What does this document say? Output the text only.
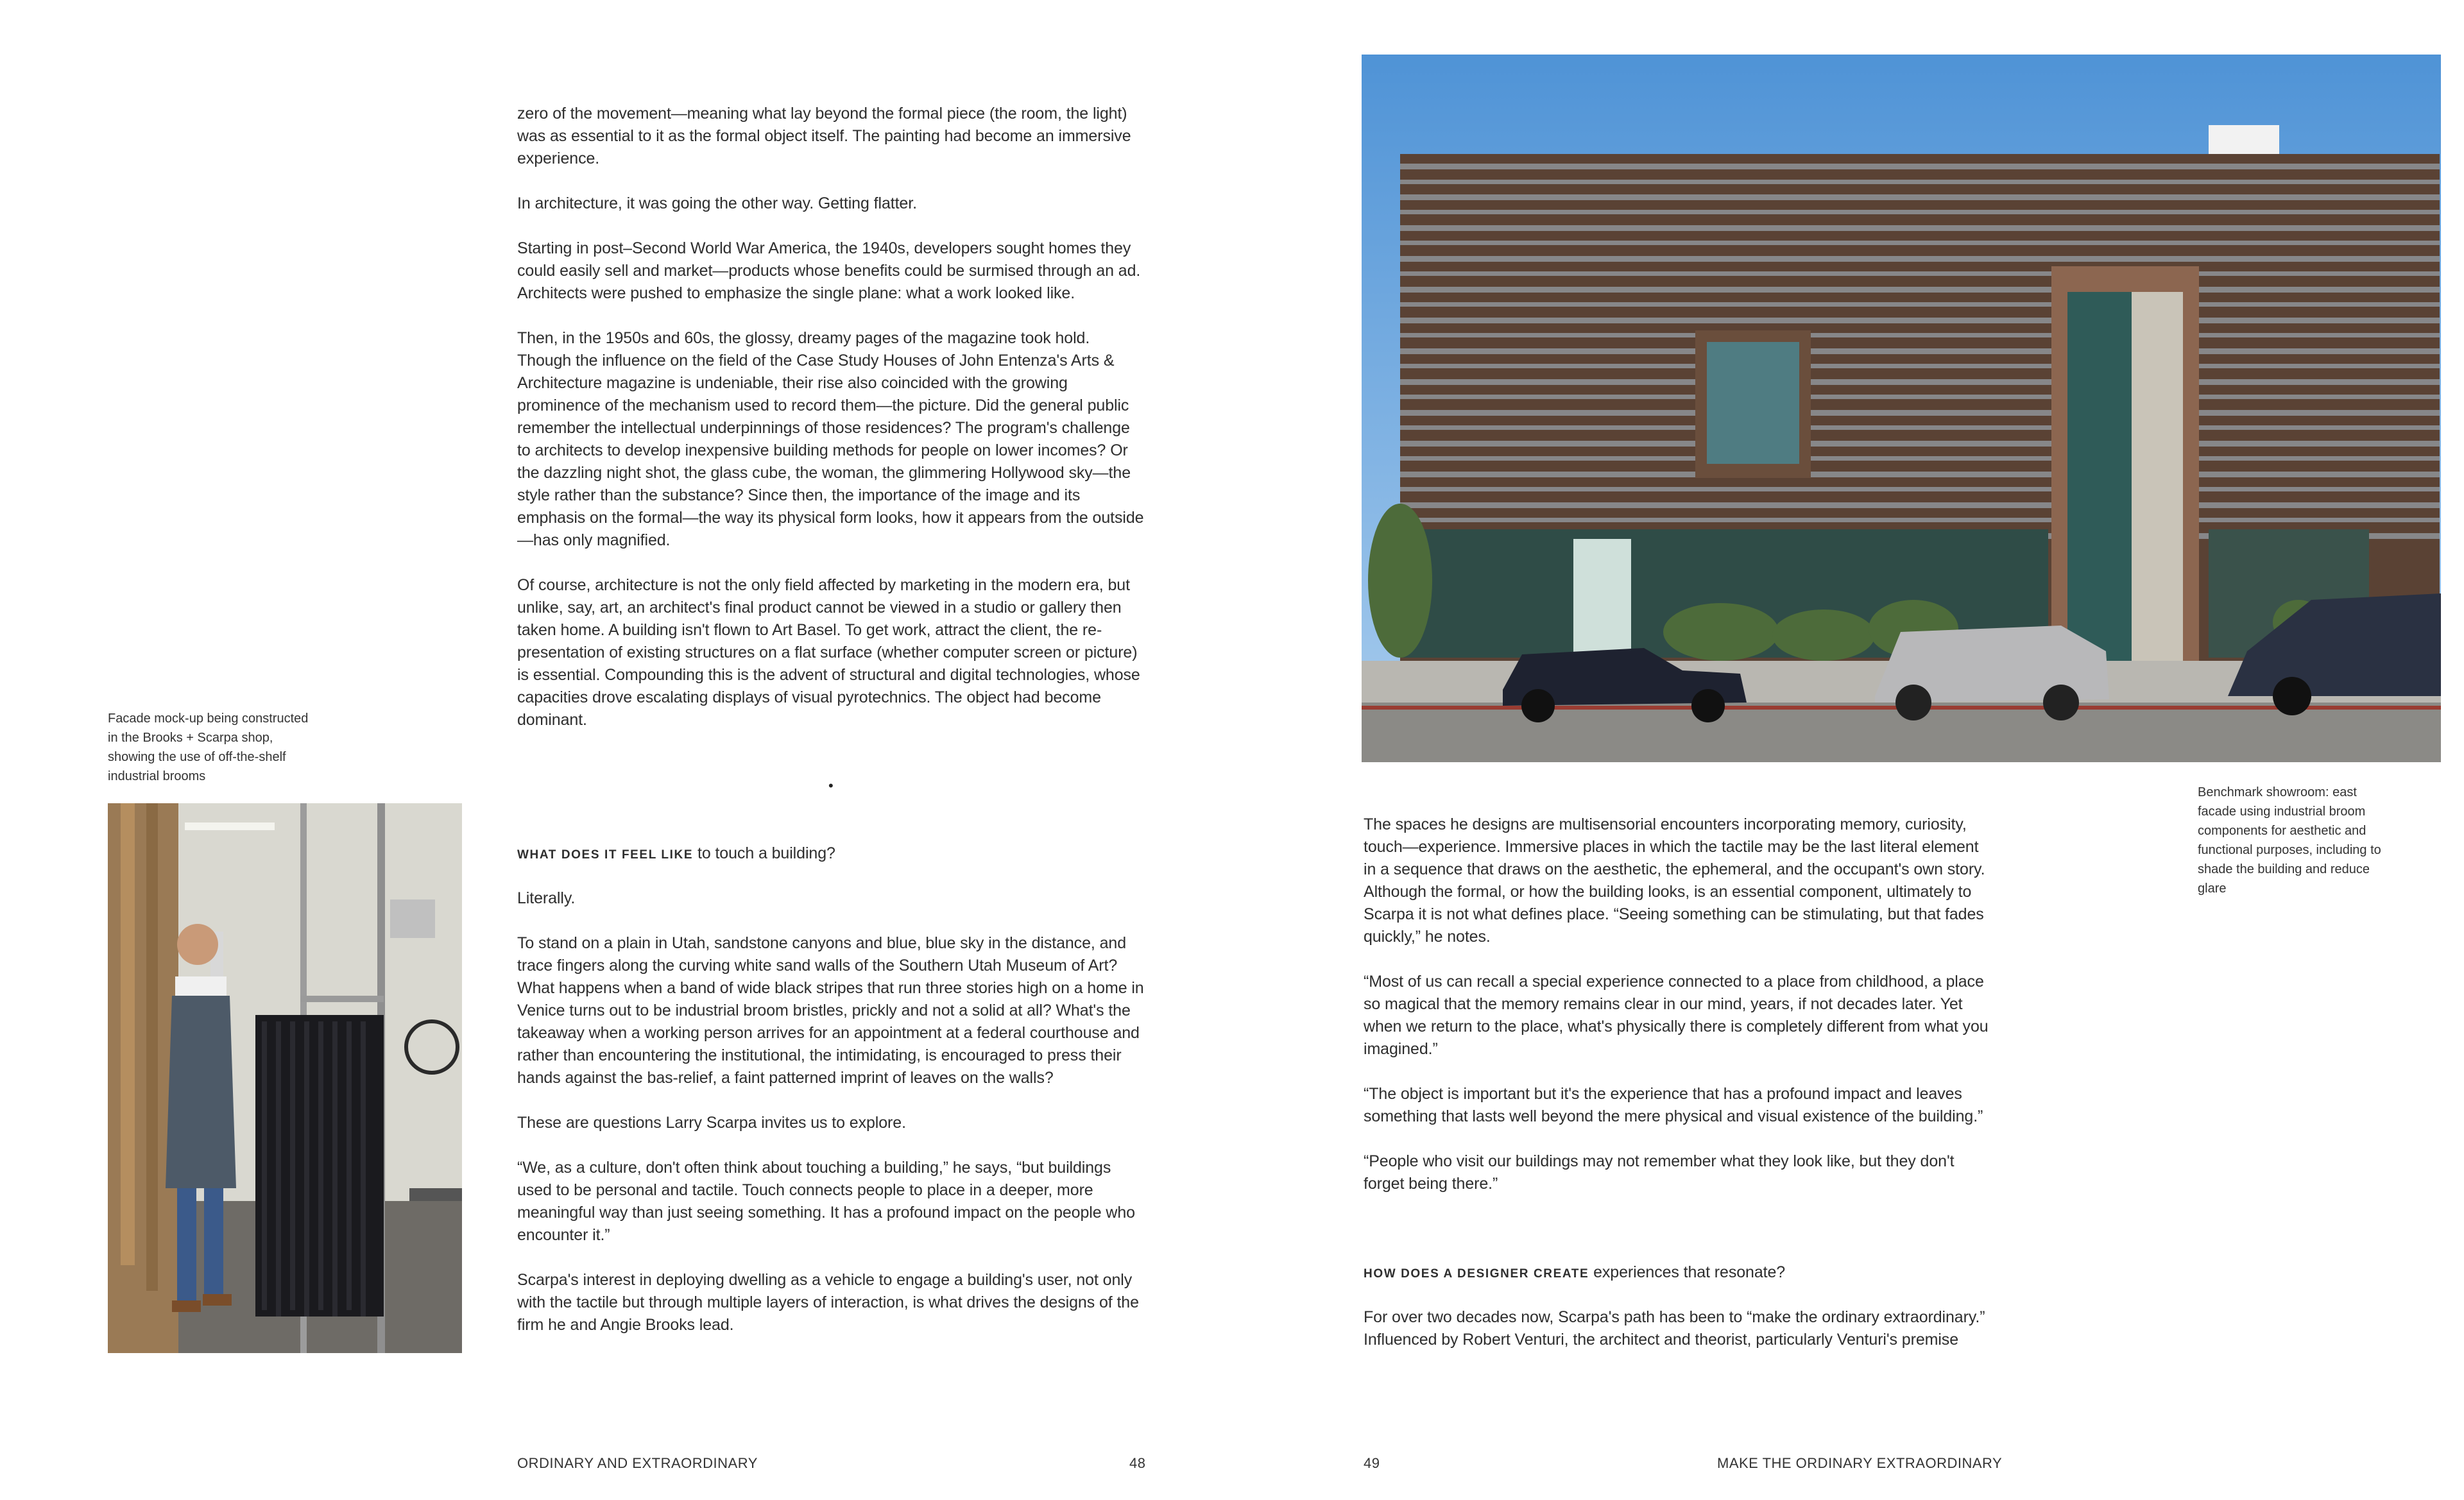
zero of the movement—meaning what lay beyond the formal piece (the room, the light) was as essential to it as the formal object itself. The painting had become an immersive experience.

In architecture, it was going the other way. Getting flatter.

Starting in post–Second World War America, the 1940s, developers sought homes they could easily sell and market—products whose benefits could be surmised through an ad. Architects were pushed to emphasize the single plane: what a work looked like.

Then, in the 1950s and 60s, the glossy, dreamy pages of the magazine took hold. Though the influence on the field of the Case Study Houses of John Entenza's Arts & Architecture magazine is undeniable, their rise also coincided with the growing prominence of the mechanism used to record them—the picture. Did the general public remember the intellectual underpinnings of those residences? The program's challenge to architects to develop inexpensive building methods for people on lower incomes? Or the dazzling night shot, the glass cube, the woman, the glimmering Hollywood sky—the style rather than the substance? Since then, the importance of the image and its emphasis on the formal—the way its physical form looks, how it appears from the outside—has only magnified.

Of course, architecture is not the only field affected by marketing in the modern era, but unlike, say, art, an architect's final product cannot be viewed in a studio or gallery then taken home. A building isn't flown to Art Basel. To get work, attract the client, the re-presentation of existing structures on a flat surface (whether computer screen or picture) is essential. Compounding this is the advent of structural and digital technologies, whose capacities drove escalating displays of visual pyrotechnics. The object had become dominant.

•
WHAT DOES IT FEEL LIKE to touch a building?

Literally.

To stand on a plain in Utah, sandstone canyons and blue, blue sky in the distance, and trace fingers along the curving white sand walls of the Southern Utah Museum of Art? What happens when a band of wide black stripes that run three stories high on a home in Venice turns out to be industrial broom bristles, prickly and not a solid at all? What's the takeaway when a working person arrives for an appointment at a federal courthouse and rather than encountering the institutional, the intimidating, is encouraged to press their hands against the bas-relief, a faint patterned imprint of leaves on the walls?

These are questions Larry Scarpa invites us to explore.

“We, as a culture, don't often think about touching a building,” he says, “but buildings used to be personal and tactile. Touch connects people to place in a deeper, more meaningful way than just seeing something. It has a profound impact on the people who encounter it.”

Scarpa's interest in deploying dwelling as a vehicle to engage a building's user, not only with the tactile but through multiple layers of interaction, is what drives the designs of the firm he and Angie Brooks lead.

Facade mock-up being constructed in the Brooks + Scarpa shop, showing the use of off-the-shelf industrial brooms
ORDINARY AND EXTRAORDINARY	48
Benchmark showroom: east facade using industrial broom components for aesthetic and functional purposes, including to shade the building and reduce glare

The spaces he designs are multisensorial encounters incorporating memory, curiosity, touch—experience. Immersive places in which the tactile may be the last literal element in a sequence that draws on the aesthetic, the ephemeral, and the occupant's own story. Although the formal, or how the building looks, is an essential component, ultimately to Scarpa it is not what defines place. “Seeing something can be stimulating, but that fades quickly,” he notes.

“Most of us can recall a special experience connected to a place from childhood, a place so magical that the memory remains clear in our mind, years, if not decades later. Yet when we return to the place, what's physically there is completely different from what you imagined.”

“The object is important but it's the experience that has a profound impact and leaves something that lasts well beyond the mere physical and visual existence of the building.”

“People who visit our buildings may not remember what they look like, but they don't forget being there.”

HOW DOES A DESIGNER CREATE experiences that resonate?

For over two decades now, Scarpa's path has been to “make the ordinary extraordinary.” Influenced by Robert Venturi, the architect and theorist, particularly Venturi's premise

49	MAKE THE ORDINARY EXTRAORDINARY
